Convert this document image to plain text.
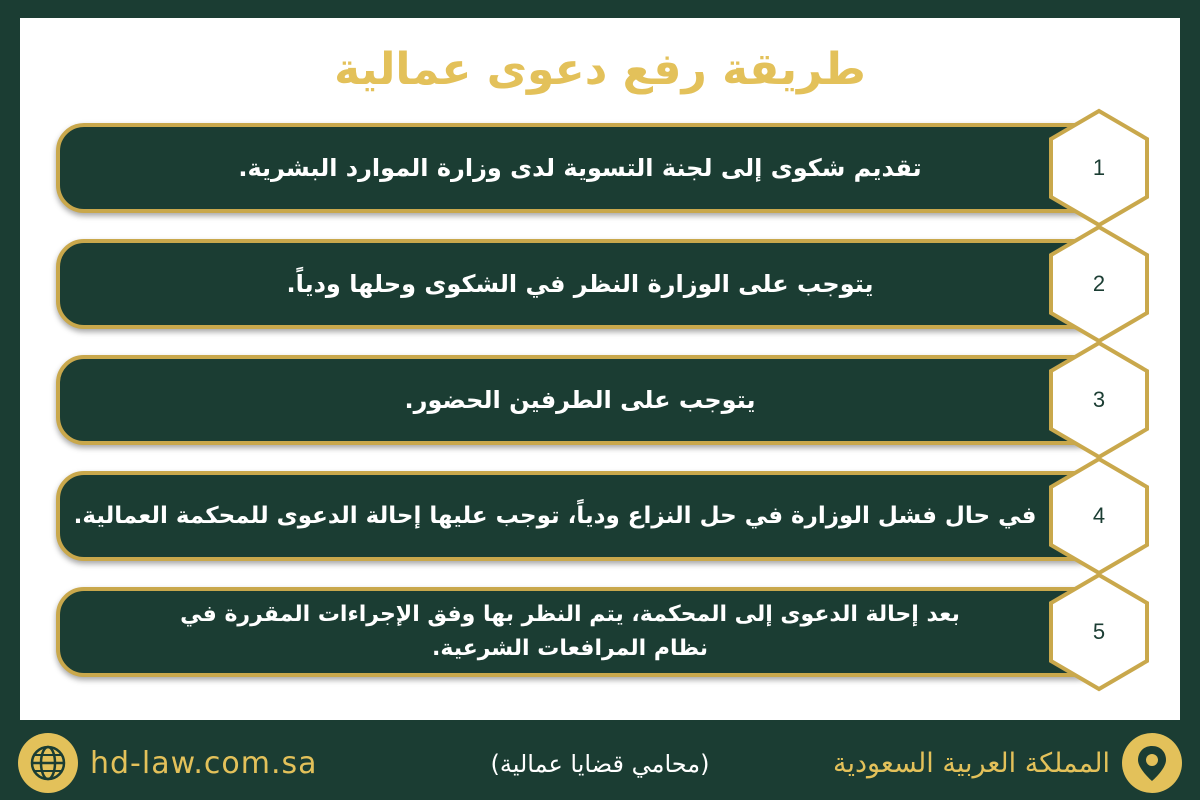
طريقة رفع دعوى عمالية
تقديم شكوى إلى لجنة التسوية لدى وزارة الموارد البشرية.	1
يتوجب على الوزارة النظر في الشكوى وحلها ودياً.	2
يتوجب على الطرفين الحضور.	3
في حال فشل الوزارة في حل النزاع ودياً، توجب عليها إحالة الدعوى للمحكمة العمالية.	4
بعد إحالة الدعوى إلى المحكمة، يتم النظر بها وفق الإجراءات المقررة في نظام المرافعات الشرعية.
5
hd-law.com.sa	(محامي قضايا عمالية)	المملكة العربية السعودية
